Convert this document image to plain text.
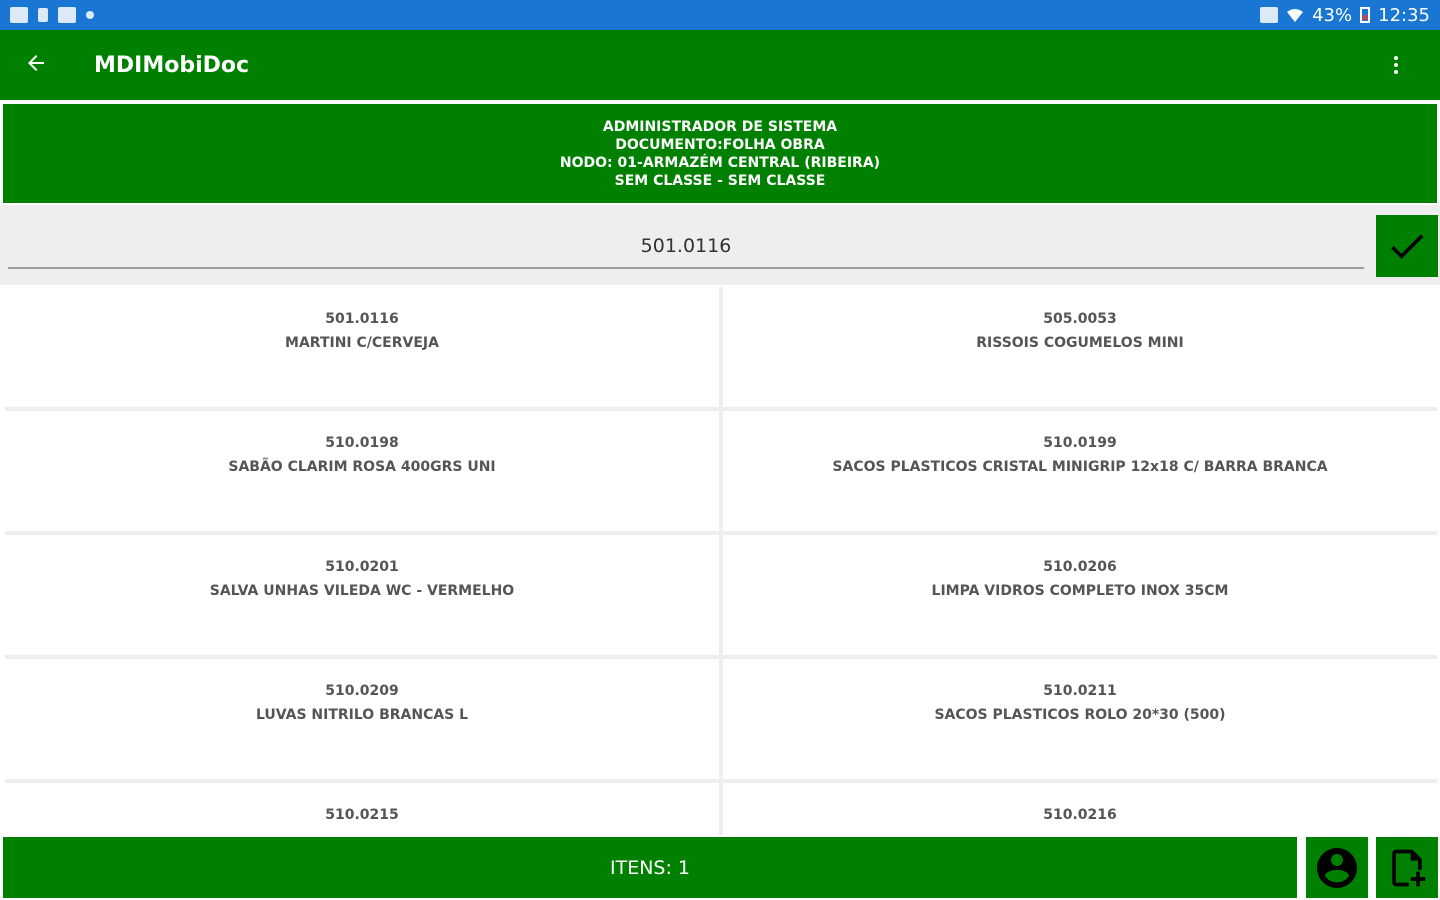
43% 12:35
MDIMobiDoc
ADMINISTRADOR DE SISTEMA
DOCUMENTO:FOLHA OBRA
NODO: 01-ARMAZÉM CENTRAL (RIBEIRA)
SEM CLASSE - SEM CLASSE
501.0116
501.0116
MARTINI C/CERVEJA
505.0053
RISSOIS COGUMELOS MINI
510.0198
SABÃO CLARIM ROSA 400GRS UNI
510.0199
SACOS PLASTICOS CRISTAL MINIGRIP 12x18 C/ BARRA BRANCA
510.0201
SALVA UNHAS VILEDA WC - VERMELHO
510.0206
LIMPA VIDROS COMPLETO INOX 35CM
510.0209
LUVAS NITRILO BRANCAS L
510.0211
SACOS PLASTICOS ROLO 20*30 (500)
510.0215	510.0216
ITENS: 1
